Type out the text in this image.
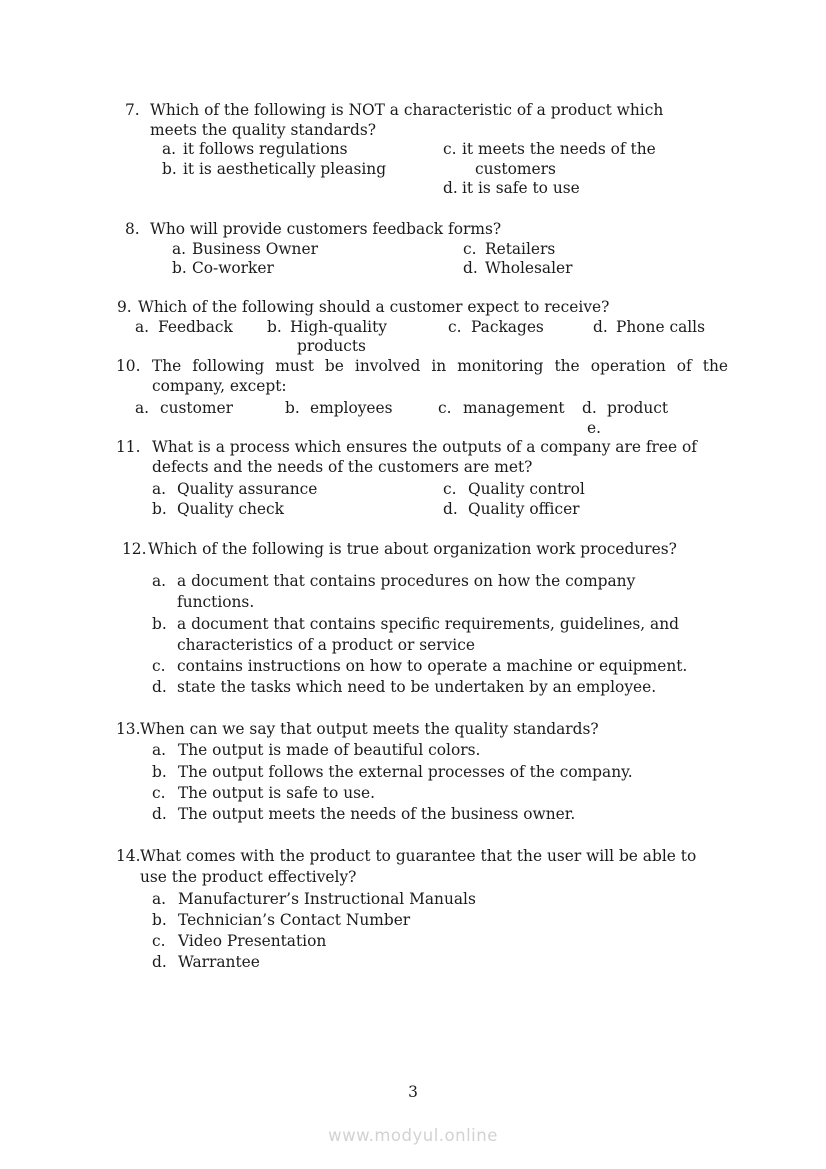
7. Which of the following is NOT a characteristic of a product which
meets the quality standards?
a. it follows regulations
b. it is aesthetically pleasing
c. it meets the needs of the
customers
d. it is safe to use
8. Who will provide customers feedback forms?
a. Business Owner
b. Co-worker
c. Retailers
d. Wholesaler
9. Which of the following should a customer expect to receive?
a. Feedback b. High-quality
products
c. Packages	d. Phone calls
10. The following must be involved in monitoring the operation of the
company, except:
a. customer	b. employees	c. management d. product
e.
11. What is a process which ensures the outputs of a company are free of
defects and the needs of the customers are met?
a. Quality assurance
b. Quality check
c. Quality control
d. Quality officer
12. Which of the following is true about organization work procedures?
a. a document that contains procedures on how the company
functions.
b. a document that contains specific requirements, guidelines, and
characteristics of a product or service
c. contains instructions on how to operate a machine or equipment.
d. state the tasks which need to be undertaken by an employee.
13. When can we say that output meets the quality standards?
a. The output is made of beautiful colors.
b. The output follows the external processes of the company.
c. The output is safe to use.
d. The output meets the needs of the business owner.
14. What comes with the product to guarantee that the user will be able to
use the product effectively?
a. Manufacturer’s Instructional Manuals
b. Technician’s Contact Number
c. Video Presentation
d. Warrantee
3
www.modyul.online
